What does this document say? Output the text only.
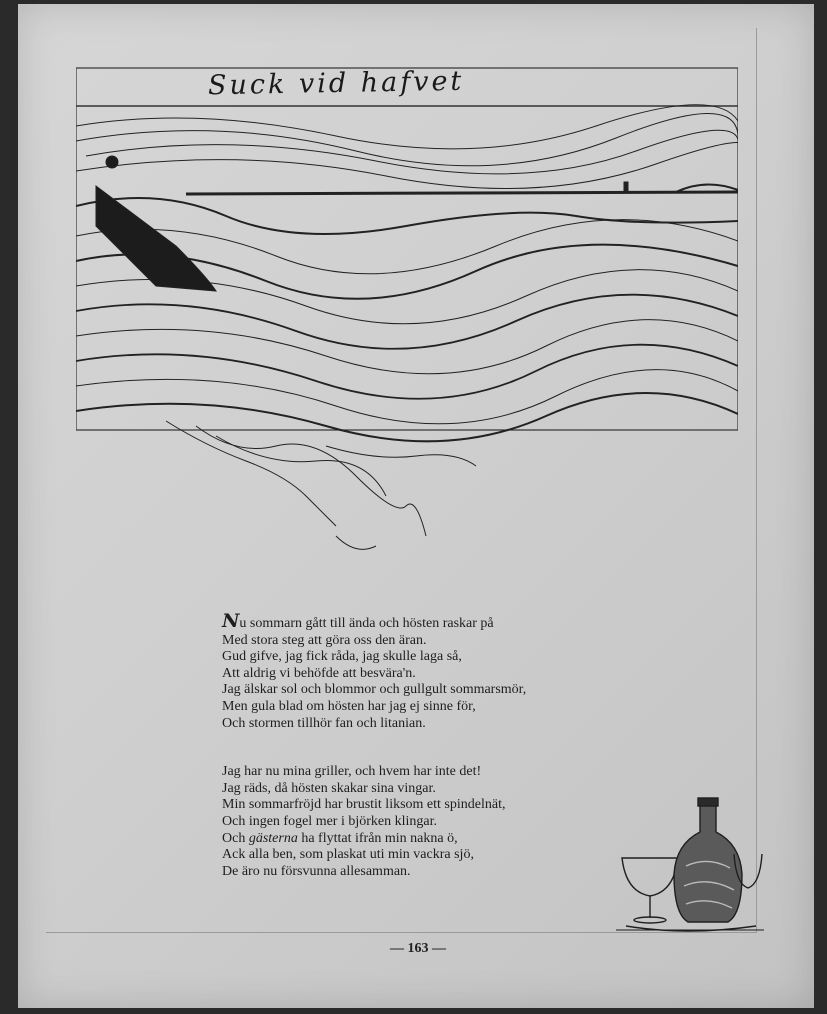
Suck vid hafvet
Nu sommarn gått till ända och hösten raskar på
Med stora steg att göra oss den äran.
Gud gifve, jag fick råda, jag skulle laga så,
Att aldrig vi behöfde att besvära'n.
Jag älskar sol och blommor och gullgult sommarsmör,
Men gula blad om hösten har jag ej sinne för,
Och stormen tillhör fan och litanian.
Jag har nu mina griller, och hvem har inte det!
Jag räds, då hösten skakar sina vingar.
Min sommarfröjd har brustit liksom ett spindelnät,
Och ingen fogel mer i björken klingar.
Och gästerna ha flyttat ifrån min nakna ö,
Ack alla ben, som plaskat uti min vackra sjö,
De äro nu försvunna allesamman.
— 163 —
